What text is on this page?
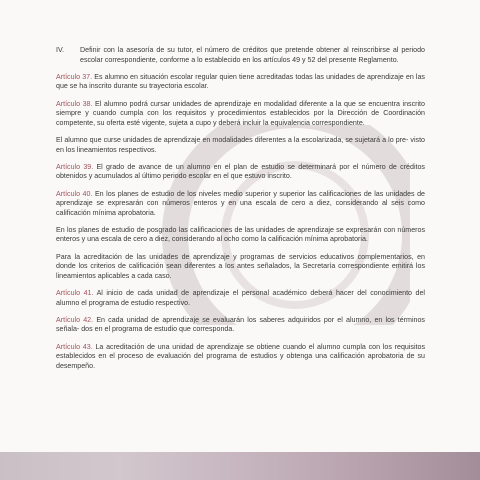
IV. Definir con la asesoría de su tutor, el número de créditos que pretende obtener al reinscribirse al periodo escolar correspondiente, conforme a lo establecido en los artículos 49 y 52 del presente Reglamento.

Artículo 37. Es alumno en situación escolar regular quien tiene acreditadas todas las unidades de aprendizaje en las que se ha inscrito durante su trayectoria escolar.

Artículo 38. El alumno podrá cursar unidades de aprendizaje en modalidad diferente a la que se encuentra inscrito siempre y cuando cumpla con los requisitos y procedimientos establecidos por la Dirección de Coordinación competente, su oferta esté vigente, sujeta a cupo y deberá incluir la equivalencia correspondiente.

El alumno que curse unidades de aprendizaje en modalidades diferentes a la escolarizada, se sujetará a lo pre- visto en los lineamientos respectivos.

Artículo 39. El grado de avance de un alumno en el plan de estudio se determinará por el número de créditos obtenidos y acumulados al último periodo escolar en el que estuvo inscrito.

Artículo 40. En los planes de estudio de los niveles medio superior y superior las calificaciones de las unidades de aprendizaje se expresarán con números enteros y en una escala de cero a diez, considerando al seis como calificación mínima aprobatoria.

En los planes de estudio de posgrado las calificaciones de las unidades de aprendizaje se expresarán con números enteros y una escala de cero a diez, considerando al ocho como la calificación mínima aprobatoria.

Para la acreditación de las unidades de aprendizaje y programas de servicios educativos complementarios, en donde los criterios de calificación sean diferentes a los antes señalados, la Secretaría correspondiente emitirá los lineamientos aplicables a cada caso.

Artículo 41. Al inicio de cada unidad de aprendizaje el personal académico deberá hacer del conocimiento del alumno el programa de estudio respectivo.

Artículo 42. En cada unidad de aprendizaje se evaluarán los saberes adquiridos por el alumno, en los términos señala- dos en el programa de estudio que corresponda.

Artículo 43. La acreditación de una unidad de aprendizaje se obtiene cuando el alumno cumpla con los requisitos establecidos en el proceso de evaluación del programa de estudios y obtenga una calificación aprobatoria de su desempeño.
